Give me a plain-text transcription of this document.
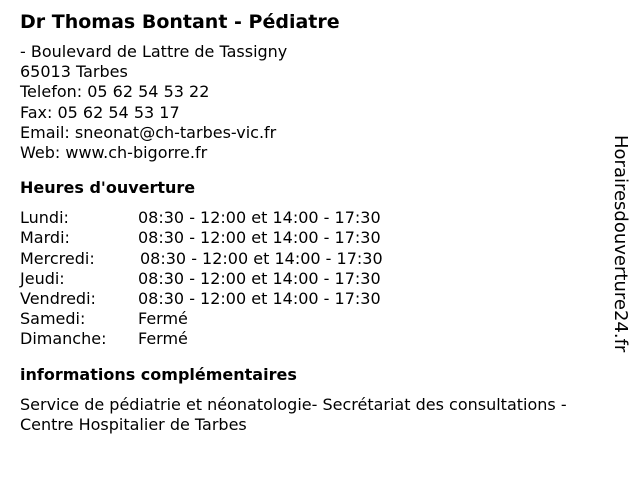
Dr Thomas Bontant - Pédiatre
- Boulevard de Lattre de Tassigny
65013 Tarbes
Telefon: 05 62 54 53 22
Fax: 05 62 54 53 17
Email: sneonat@ch-tarbes-vic.fr
Web: www.ch-bigorre.fr
Heures d'ouverture
Lundi:	08:30 - 12:00 et 14:00 - 17:30
Mardi:	08:30 - 12:00 et 14:00 - 17:30
Mercredi:	08:30 - 12:00 et 14:00 - 17:30
Jeudi:	08:30 - 12:00 et 14:00 - 17:30
Vendredi:	08:30 - 12:00 et 14:00 - 17:30
Samedi:	Fermé
Dimanche: Fermé
informations complémentaires
Service de pédiatrie et néonatologie- Secrétariat des consultations - Centre Hospitalier de Tarbes
Horairesdouverture24.fr
